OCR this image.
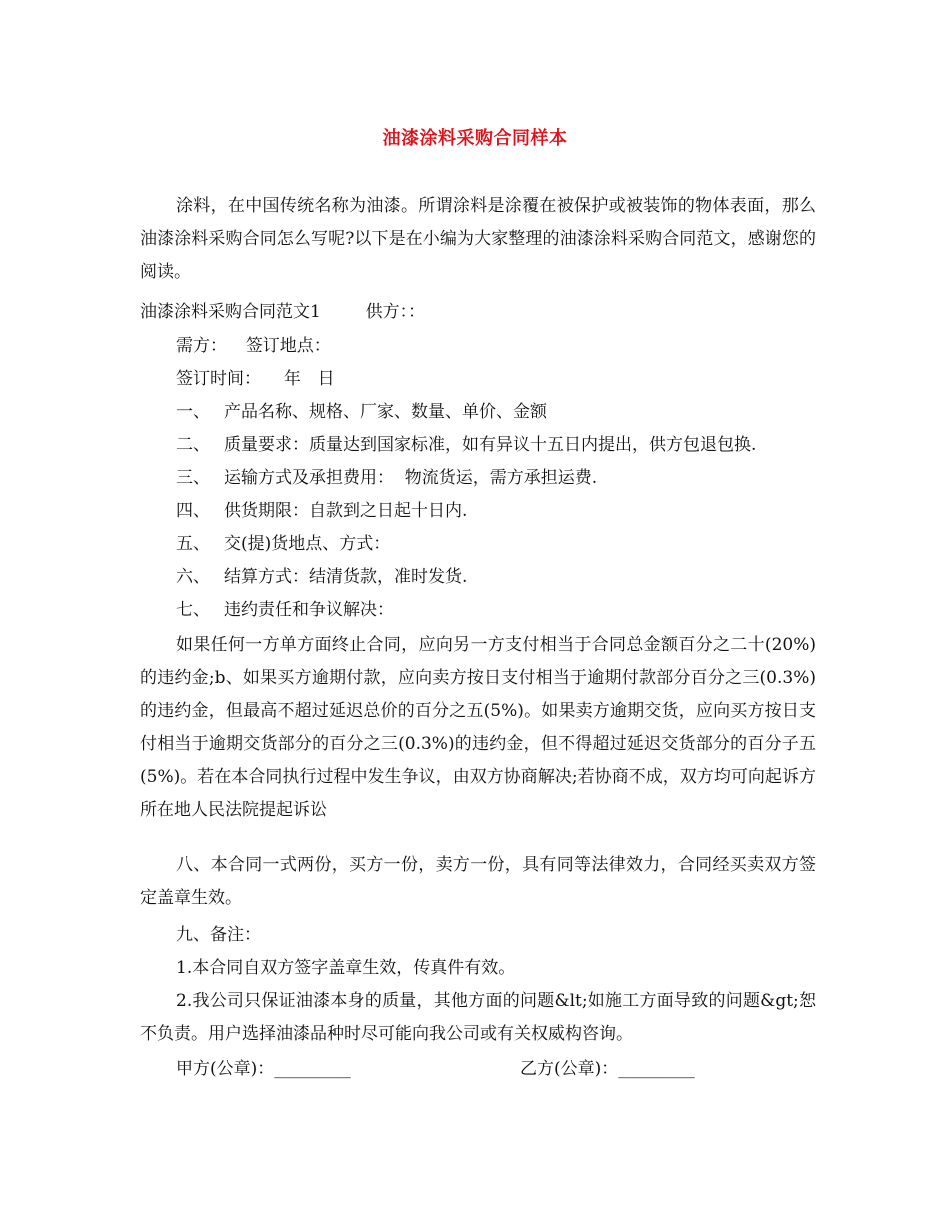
油漆涂料采购合同样本
涂料，在中国传统名称为油漆。所谓涂料是涂覆在被保护或被装饰的物体表面，那么油漆涂料采购合同怎么写呢?以下是在小编为大家整理的油漆涂料采购合同范文，感谢您的阅读。
油漆涂料采购合同范文1	供方：：
需方： 签订地点：
签订时间： 年 日
一、 产品名称、规格、厂家、数量、单价、金额
二、 质量要求：质量达到国家标准，如有异议十五日内提出，供方包退包换.
三、 运输方式及承担费用：  物流货运，需方承担运费.
四、 供货期限：自款到之日起十日内.
五、 交(提)货地点、方式：
六、 结算方式：结清货款，准时发货.
七、 违约责任和争议解决：
如果任何一方单方面终止合同，应向另一方支付相当于合同总金额百分之二十(20%)的违约金;b、如果买方逾期付款，应向卖方按日支付相当于逾期付款部分百分之三(0.3%)的违约金，但最高不超过延迟总价的百分之五(5%)。如果卖方逾期交货，应向买方按日支付相当于逾期交货部分的百分之三(0.3%)的违约金，但不得超过延迟交货部分的百分子五(5%)。若在本合同执行过程中发生争议，由双方协商解决;若协商不成，双方均可向起诉方所在地人民法院提起诉讼
八、本合同一式两份，买方一份，卖方一份，具有同等法律效力，合同经买卖双方签定盖章生效。
九、备注：
1.本合同自双方签字盖章生效，传真件有效。
2.我公司只保证油漆本身的质量，其他方面的问题&lt;如施工方面导致的问题&gt;恕不负责。用户选择油漆品种时尽可能向我公司或有关权威构咨询。
甲方(公章)：_________	乙方(公章)：_________
